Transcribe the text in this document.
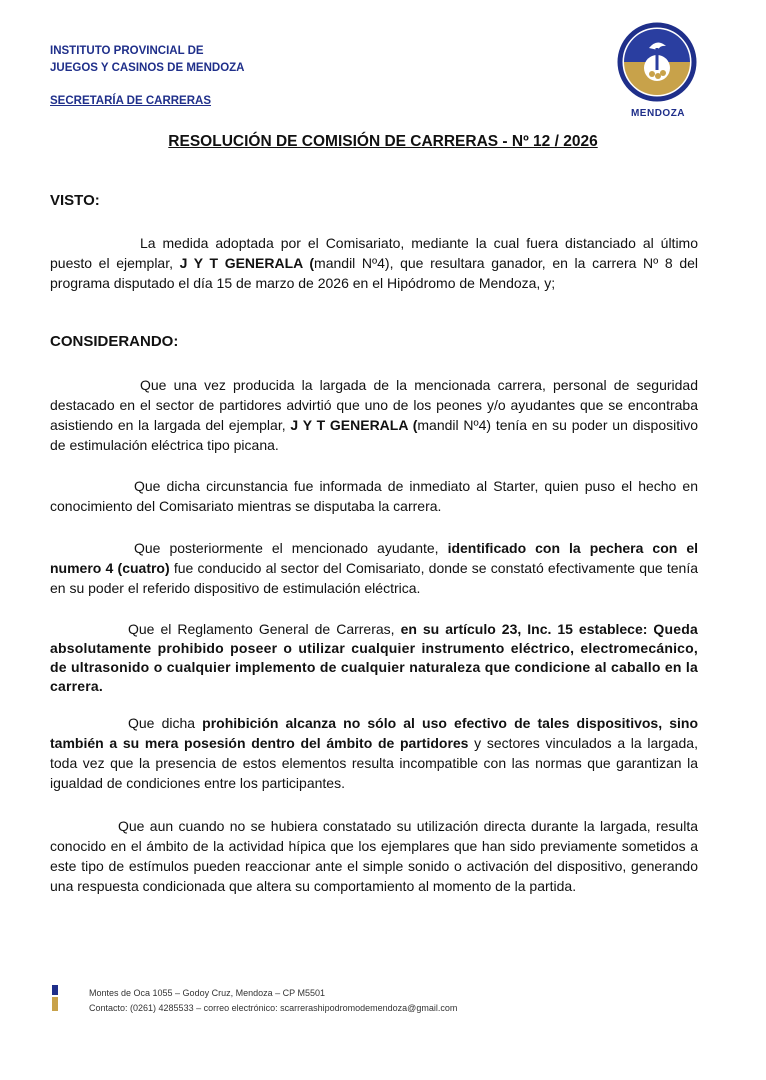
INSTITUTO PROVINCIAL DE
JUEGOS Y CASINOS DE MENDOZA
SECRETARÍA DE CARRERAS
MENDOZA
RESOLUCIÓN DE COMISIÓN DE CARRERAS - Nº 12 / 2026
VISTO:
La medida adoptada por el Comisariato, mediante la cual fuera distanciado al último puesto el ejemplar, J Y T GENERALA (mandil Nº4), que resultara ganador, en la carrera Nº 8 del programa disputado el día 15 de marzo de 2026 en el Hipódromo de Mendoza, y;
CONSIDERANDO:
Que una vez producida la largada de la mencionada carrera, personal de seguridad destacado en el sector de partidores advirtió que uno de los peones y/o ayudantes que se encontraba asistiendo en la largada del ejemplar, J Y T GENERALA (mandil Nº4) tenía en su poder un dispositivo de estimulación eléctrica tipo picana.
Que dicha circunstancia fue informada de inmediato al Starter, quien puso el hecho en conocimiento del Comisariato mientras se disputaba la carrera.
Que posteriormente el mencionado ayudante, identificado con la pechera con el numero 4 (cuatro) fue conducido al sector del Comisariato, donde se constató efectivamente que tenía en su poder el referido dispositivo de estimulación eléctrica.
Que el Reglamento General de Carreras, en su artículo 23, Inc. 15 establece: Queda absolutamente prohibido poseer o utilizar cualquier instrumento eléctrico, electromecánico, de ultrasonido o cualquier implemento de cualquier naturaleza que condicione al caballo en la carrera.
Que dicha prohibición alcanza no sólo al uso efectivo de tales dispositivos, sino también a su mera posesión dentro del ámbito de partidores y sectores vinculados a la largada, toda vez que la presencia de estos elementos resulta incompatible con las normas que garantizan la igualdad de condiciones entre los participantes.
Que aun cuando no se hubiera constatado su utilización directa durante la largada, resulta conocido en el ámbito de la actividad hípica que los ejemplares que han sido previamente sometidos a este tipo de estímulos pueden reaccionar ante el simple sonido o activación del dispositivo, generando una respuesta condicionada que altera su comportamiento al momento de la partida.
Montes de Oca 1055 – Godoy Cruz, Mendoza – CP M5501
Contacto: (0261) 4285533 – correo electrónico: scarrerashipodromodemendoza@gmail.com
